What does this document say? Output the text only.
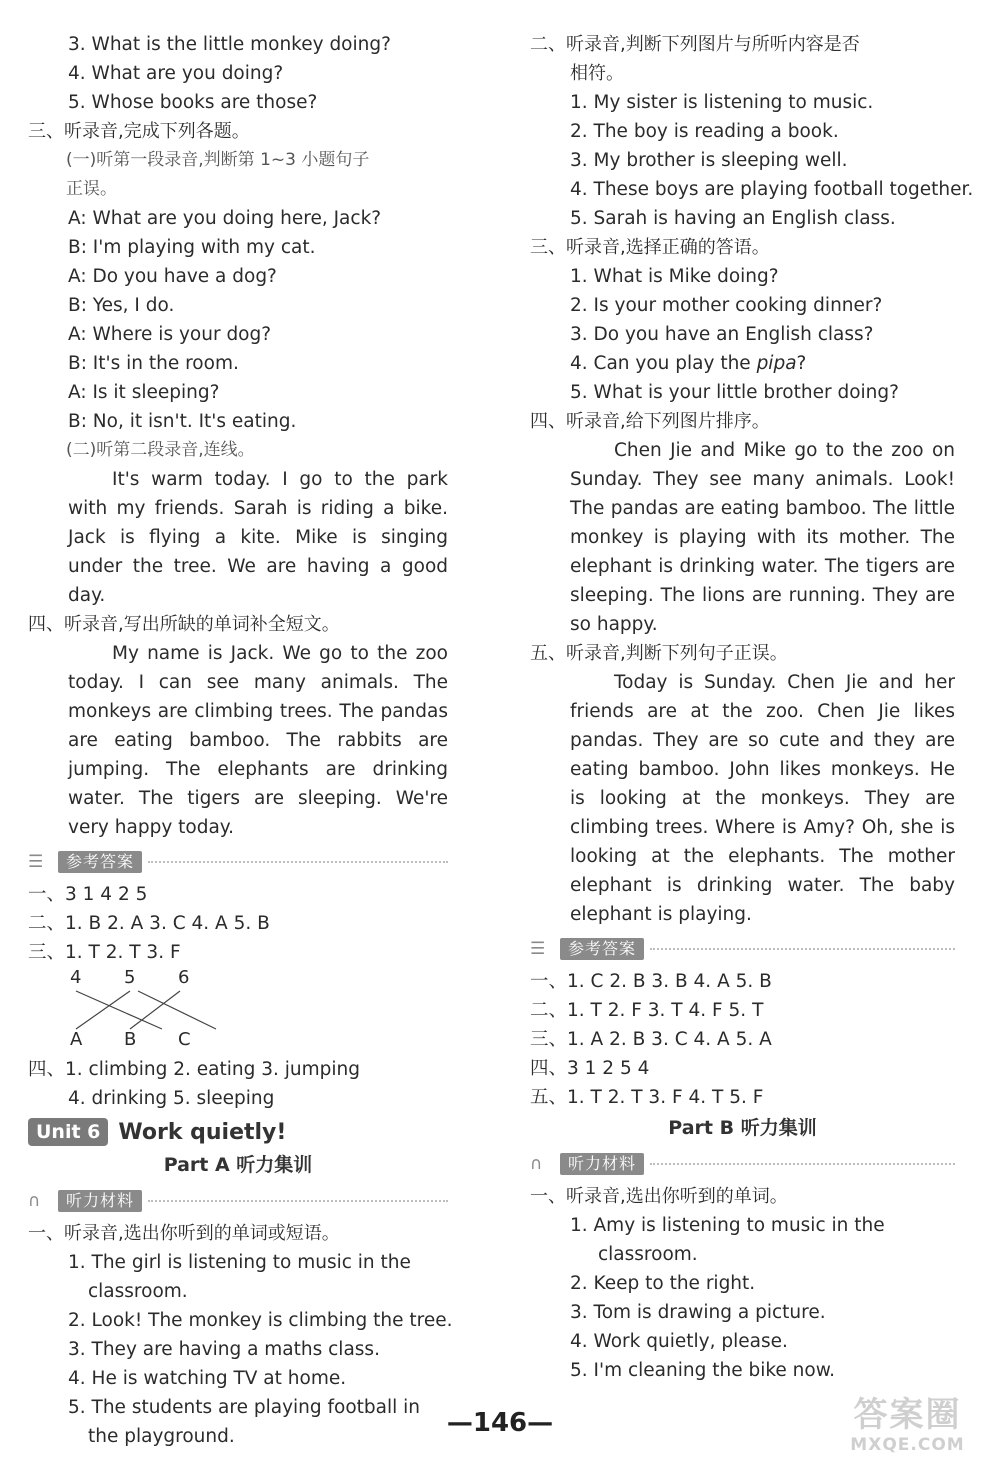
3. What is the little monkey doing?
4. What are you doing?
5. Whose books are those?
三、听录音,完成下列各题。
(一)听第一段录音,判断第 1~3 小题句子
正误。
A: What are you doing here, Jack?
B: I'm playing with my cat.
A: Do you have a dog?
B: Yes, I do.
A: Where is your dog?
B: It's in the room.
A: Is it sleeping?
B: No, it isn't. It's eating.
(二)听第二段录音,连线。
It's warm today. I go to the park with my friends. Sarah is riding a bike. Jack is flying a kite. Mike is singing under the tree. We are having a good day.
四、听录音,写出所缺的单词补全短文。
My name is Jack. We go to the zoo today. I can see many animals. The monkeys are climbing trees. The pandas are eating bamboo. The rabbits are jumping. The elephants are drinking water. The tigers are sleeping. We're very happy today.
☰	参考答案
一、3 1 4 2 5
二、1. B 2. A 3. C 4. A 5. B
三、1. T 2. T 3. F
4 5 6
A B C
四、1. climbing 2. eating 3. jumping
4. drinking 5. sleeping
Unit 6 Work quietly!
Part A 听力集训
∩	听力材料
一、听录音,选出你听到的单词或短语。
1. The girl is listening to music in the
classroom.
2. Look! The monkey is climbing the tree.
3. They are having a maths class.
4. He is watching TV at home.
5. The students are playing football in
the playground.
二、听录音,判断下列图片与所听内容是否
相符。
1. My sister is listening to music.
2. The boy is reading a book.
3. My brother is sleeping well.
4. These boys are playing football together.
5. Sarah is having an English class.
三、听录音,选择正确的答语。
1. What is Mike doing?
2. Is your mother cooking dinner?
3. Do you have an English class?
4. Can you play the pipa?
5. What is your little brother doing?
四、听录音,给下列图片排序。
Chen Jie and Mike go to the zoo on Sunday. They see many animals. Look! The pandas are eating bamboo. The little monkey is playing with its mother. The elephant is drinking water. The tigers are sleeping. The lions are running. They are so happy.
五、听录音,判断下列句子正误。
Today is Sunday. Chen Jie and her friends are at the zoo. Chen Jie likes pandas. They are so cute and they are eating bamboo. John likes monkeys. He is looking at the monkeys. They are climbing trees. Where is Amy? Oh, she is looking at the elephants. The mother elephant is drinking water. The baby elephant is playing.
☰	参考答案
一、1. C 2. B 3. B 4. A 5. B
二、1. T 2. F 3. T 4. F 5. T
三、1. A 2. B 3. C 4. A 5. A
四、3 1 2 5 4
五、1. T 2. T 3. F 4. T 5. F
Part B 听力集训
∩	听力材料
一、听录音,选出你听到的单词。
1. Amy is listening to music in the
classroom.
2. Keep to the right.
3. Tom is drawing a picture.
4. Work quietly, please.
5. I'm cleaning the bike now.
—146—	答案圈
MXQE.COM
